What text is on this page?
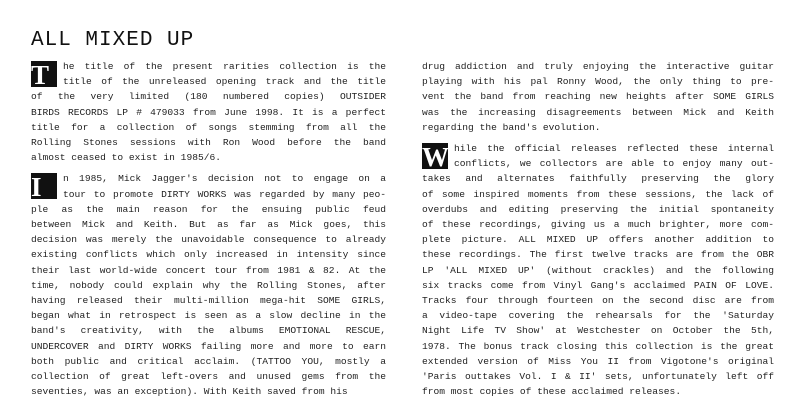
ALL MIXED UP
T	he title of the present rarities collection is the
title of the unreleased opening track and the title
of the very limited (180 numbered copies) OUTSIDER
BIRDS RECORDS LP # 479033 from June 1998. It is a perfect
title for a collection of songs stemming from all the
Rolling Stones sessions with Ron Wood before the band
almost ceased to exist in 1985/6.
I	n 1985, Mick Jagger's decision not to engage on a
tour to promote DIRTY WORKS was regarded by many peo-
ple as the main reason for the ensuing public feud
between Mick and Keith. But as far as Mick goes, this
decision was merely the unavoidable consequence to already
existing conflicts which only increased in intensity since
their last world-wide concert tour from 1981 & 82. At the
time, nobody could explain why the Rolling Stones, after
having released their multi-million mega-hit SOME GIRLS,
began what in retrospect is seen as a slow decline in the
band's creativity, with the albums EMOTIONAL RESCUE,
UNDERCOVER and DIRTY WORKS failing more and more to earn
both public and critical acclaim. (TATTOO YOU, mostly a
collection of great left-overs and unused gems from the
seventies, was an exception). With Keith saved from his
drug addiction and truly enjoying the interactive guitar
playing with his pal Ronny Wood, the only thing to pre-
vent the band from reaching new heights after SOME GIRLS
was the increasing disagreements between Mick and Keith
regarding the band's evolution.
W hile the official releases reflected these internal
conflicts, we collectors are able to enjoy many out-
takes and alternates faithfully preserving the glory
of some inspired moments from these sessions, the lack of
overdubs and editing preserving the initial spontaneity
of these recordings, giving us a much brighter, more com-
plete picture. ALL MIXED UP offers another addition to
these recordings. The first twelve tracks are from the OBR
LP 'ALL MIXED UP' (without crackles) and the following
six tracks come from Vinyl Gang's acclaimed PAIN OF LOVE.
Tracks four through fourteen on the second disc are from
a video-tape covering the rehearsals for the 'Saturday
Night Life TV Show' at Westchester on October the 5th,
1978. The bonus track closing this collection is the great
extended version of Miss You II from Vigotone's original
'Paris outtakes Vol. I & II' sets, unfortunately left off
from most copies of these acclaimed releases.
